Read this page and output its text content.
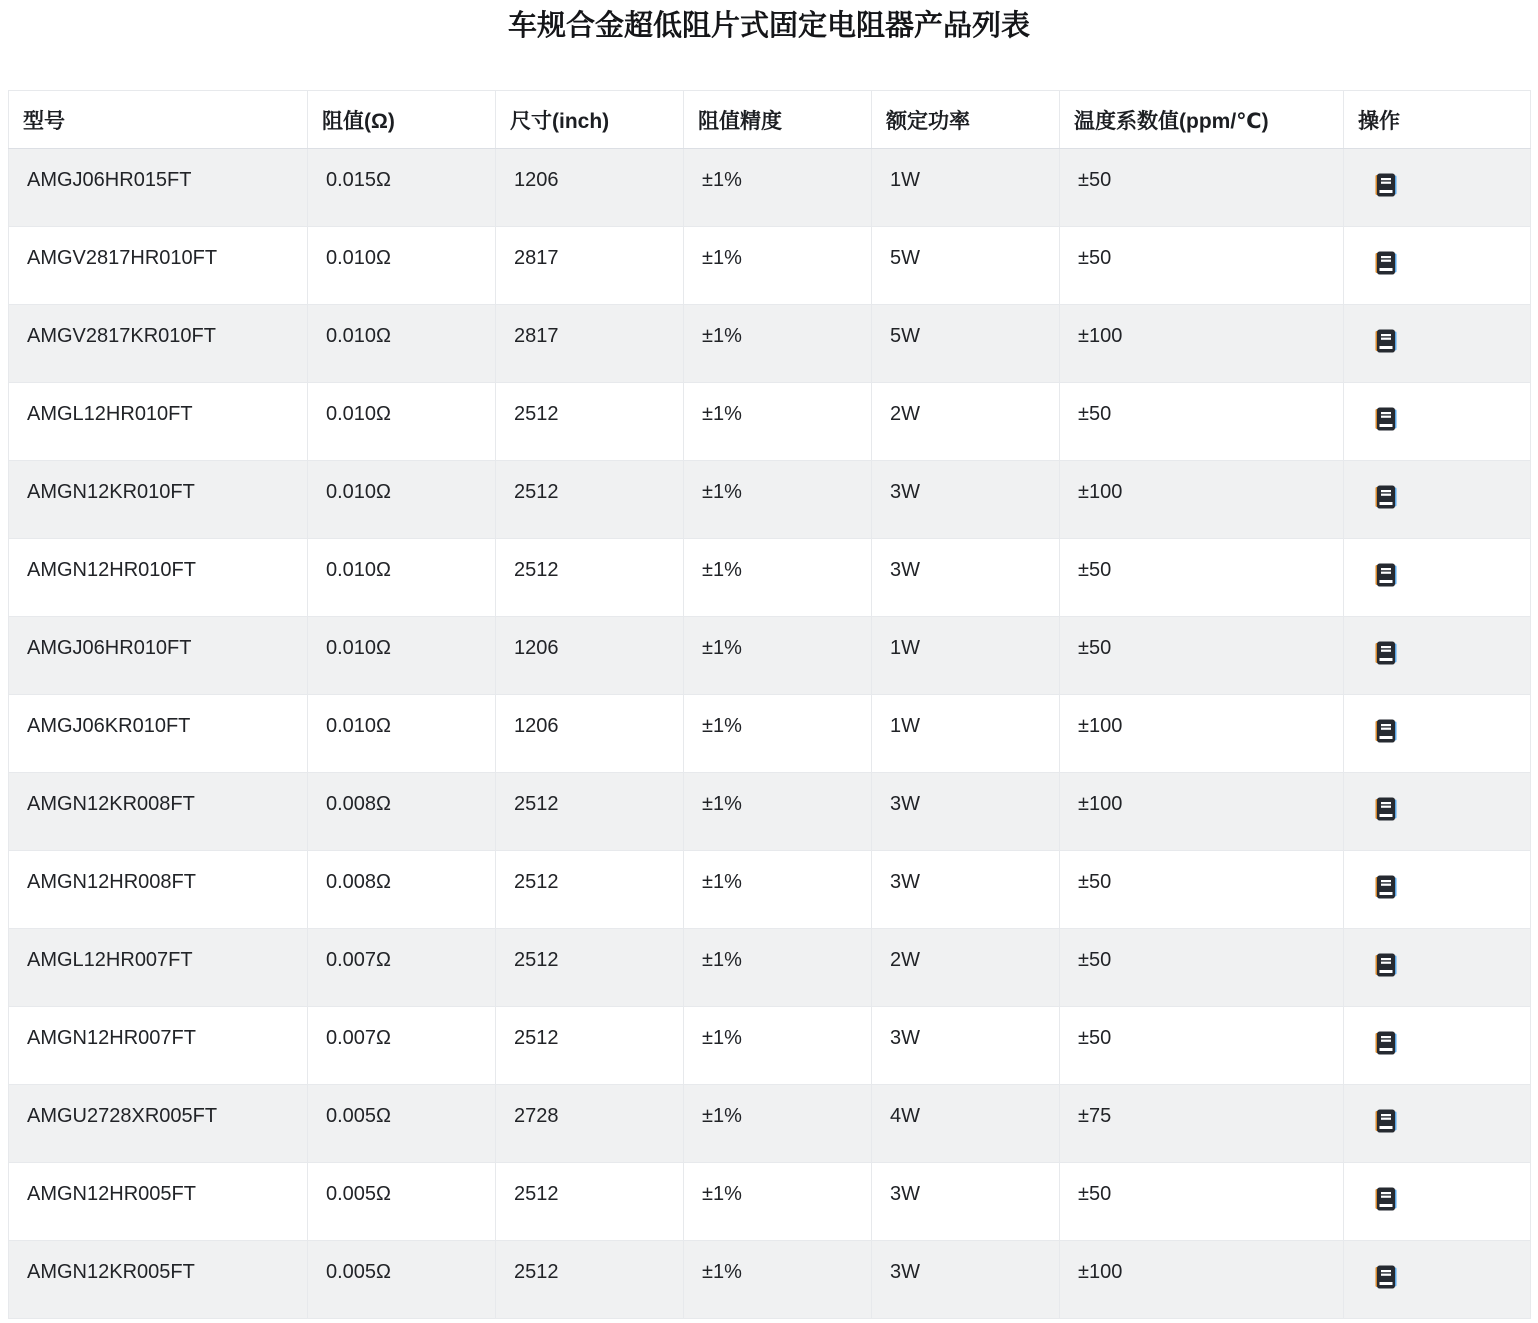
车规合金超低阻片式固定电阻器产品列表
型号	阻值(Ω)	尺寸(inch)	阻值精度	额定功率	温度系数值(ppm/℃)	操作
AMGJ06HR015FT	0.015Ω	1206	±1%	1W	±50	
AMGV2817HR010FT	0.010Ω	2817	±1%	5W	±50	
AMGV2817KR010FT	0.010Ω	2817	±1%	5W	±100	
AMGL12HR010FT	0.010Ω	2512	±1%	2W	±50	
AMGN12KR010FT	0.010Ω	2512	±1%	3W	±100	
AMGN12HR010FT	0.010Ω	2512	±1%	3W	±50	
AMGJ06HR010FT	0.010Ω	1206	±1%	1W	±50	
AMGJ06KR010FT	0.010Ω	1206	±1%	1W	±100	
AMGN12KR008FT	0.008Ω	2512	±1%	3W	±100	
AMGN12HR008FT	0.008Ω	2512	±1%	3W	±50	
AMGL12HR007FT	0.007Ω	2512	±1%	2W	±50	
AMGN12HR007FT	0.007Ω	2512	±1%	3W	±50	
AMGU2728XR005FT	0.005Ω	2728	±1%	4W	±75	
AMGN12HR005FT	0.005Ω	2512	±1%	3W	±50	
AMGN12KR005FT	0.005Ω	2512	±1%	3W	±100	
